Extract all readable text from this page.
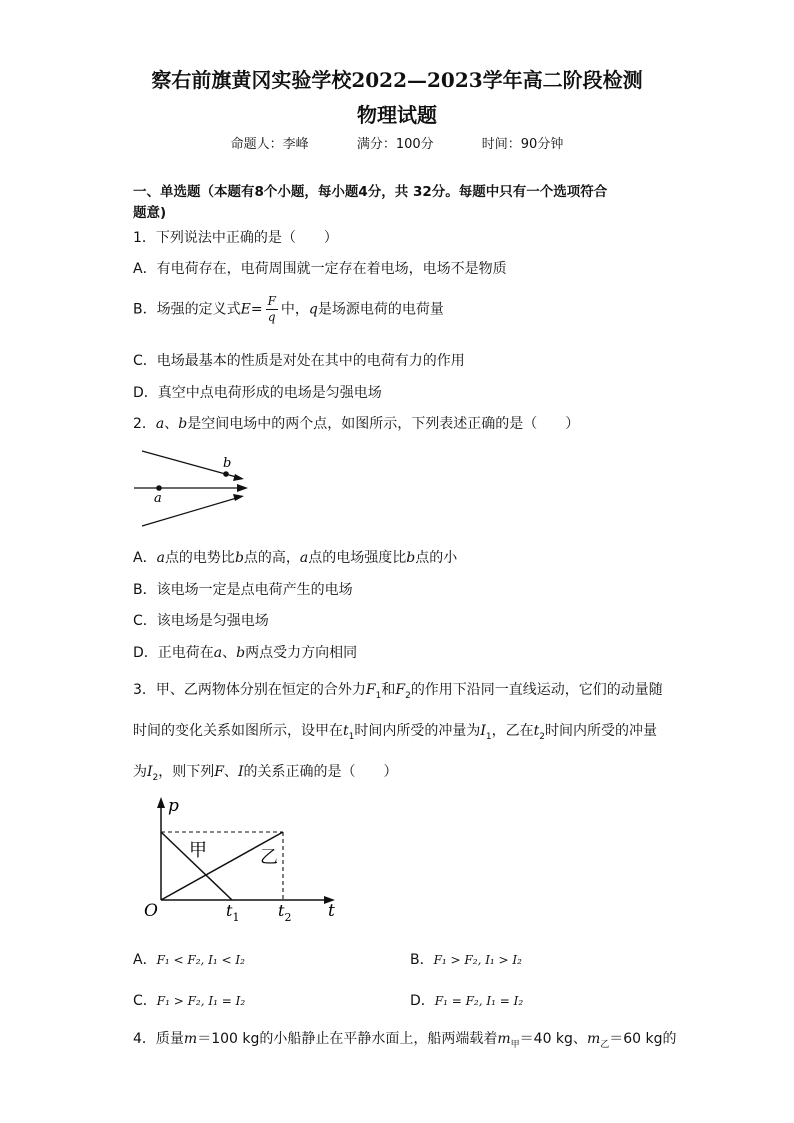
察右前旗黄冈实验学校2022—2023学年高二阶段检测
物理试题
命题人：李峰	满分：100分	时间：90分钟
一、单选题（本题有8个小题，每小题4分，共 32分。每题中只有一个选项符合
题意)
1．下列说法中正确的是（　　）
A．有电荷存在，电荷周围就一定存在着电场，电场不是物质
B．场强的定义式$E= \frac{F}{q}$ 中，q是场源电荷的电荷量
C．电场最基本的性质是对处在其中的电荷有力的作用
D．真空中点电荷形成的电场是匀强电场
2．a、b是空间电场中的两个点，如图所示，下列表述正确的是（　　）
a
b
A．a点的电势比b点的高，a点的电场强度比b点的小
B．该电场一定是点电荷产生的电场
C．该电场是匀强电场
D．正电荷在a、b两点受力方向相同
3．甲、乙两物体分别在恒定的合外力$F_1$和$F_2$的作用下沿同一直线运动，它们的动量随
时间的变化关系如图所示，设甲在$t_1$时间内所受的冲量为$I_1$，乙在$t_2$时间内所受的冲量
为$I_2$，则下列F、I的关系正确的是（　　）
p
t
O	$t_1$ $t_2$
甲	乙
A．F₁ < F₂, I₁ < I₂	B．F₁ > F₂, I₁ > I₂
C．F₁ > F₂, I₁ = I₂	D．F₁ = F₂, I₁ = I₂
4．质量m＝100 kg的小船静止在平静水面上，船两端载着$m_甲=40$ kg、$m_乙=60$ kg的
